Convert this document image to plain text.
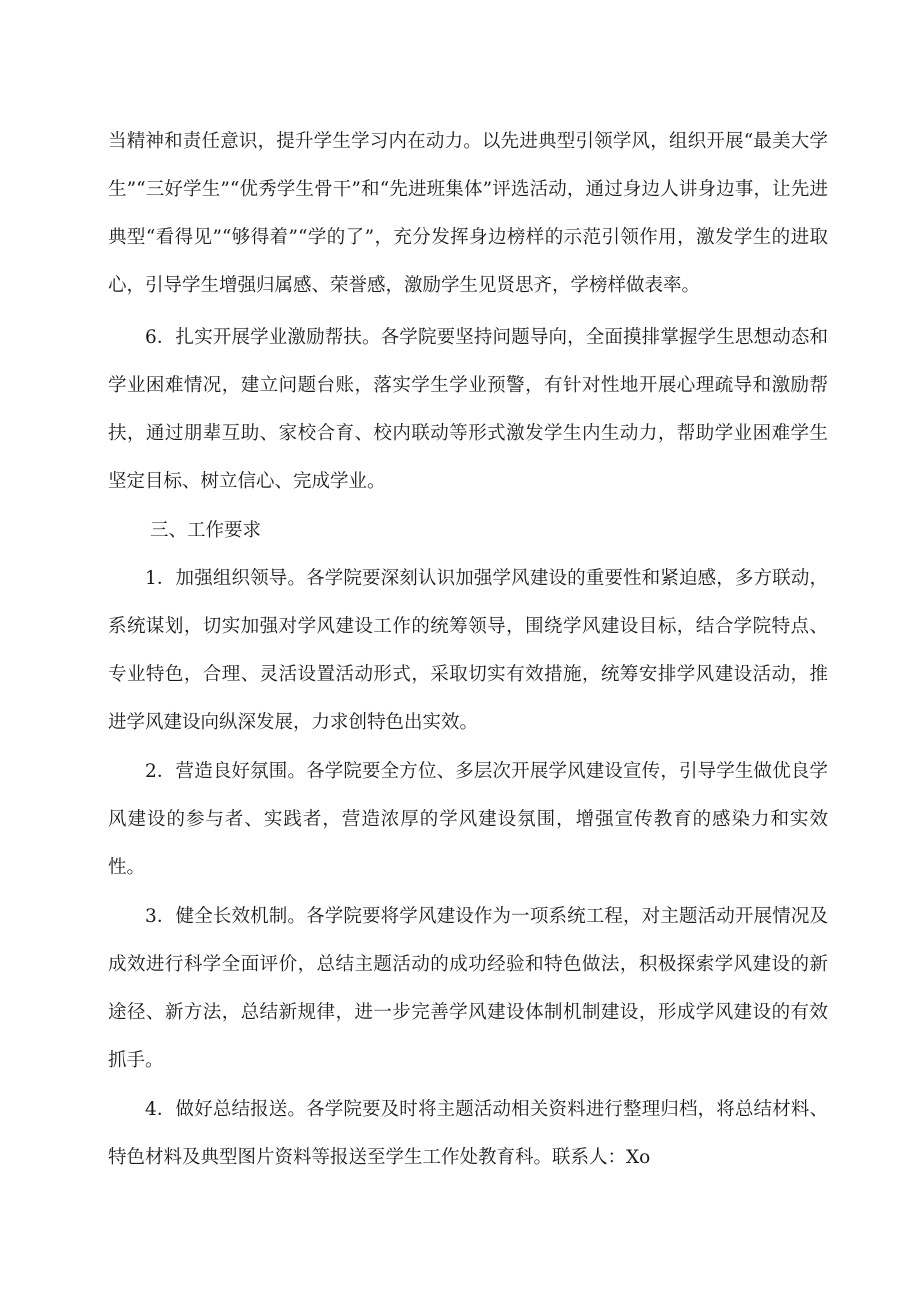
当精神和责任意识，提升学生学习内在动力。以先进典型引领学风，组织开展“最美大学生”“三好学生”“优秀学生骨干”和“先进班集体”评选活动，通过身边人讲身边事，让先进典型“看得见”“够得着”“学的了”，充分发挥身边榜样的示范引领作用，激发学生的进取心，引导学生增强归属感、荣誉感，激励学生见贤思齐，学榜样做表率。

6．扎实开展学业激励帮扶。各学院要坚持问题导向，全面摸排掌握学生思想动态和学业困难情况，建立问题台账，落实学生学业预警，有针对性地开展心理疏导和激励帮扶，通过朋辈互助、家校合育、校内联动等形式激发学生内生动力，帮助学业困难学生坚定目标、树立信心、完成学业。

三、工作要求

1．加强组织领导。各学院要深刻认识加强学风建设的重要性和紧迫感，多方联动，系统谋划，切实加强对学风建设工作的统筹领导，围绕学风建设目标，结合学院特点、专业特色，合理、灵活设置活动形式，采取切实有效措施，统筹安排学风建设活动，推进学风建设向纵深发展，力求创特色出实效。

2．营造良好氛围。各学院要全方位、多层次开展学风建设宣传，引导学生做优良学风建设的参与者、实践者，营造浓厚的学风建设氛围，增强宣传教育的感染力和实效性。

3．健全长效机制。各学院要将学风建设作为一项系统工程，对主题活动开展情况及成效进行科学全面评价，总结主题活动的成功经验和特色做法，积极探索学风建设的新途径、新方法，总结新规律，进一步完善学风建设体制机制建设，形成学风建设的有效抓手。

4．做好总结报送。各学院要及时将主题活动相关资料进行整理归档，将总结材料、特色材料及典型图片资料等报送至学生工作处教育科。联系人：Xo
